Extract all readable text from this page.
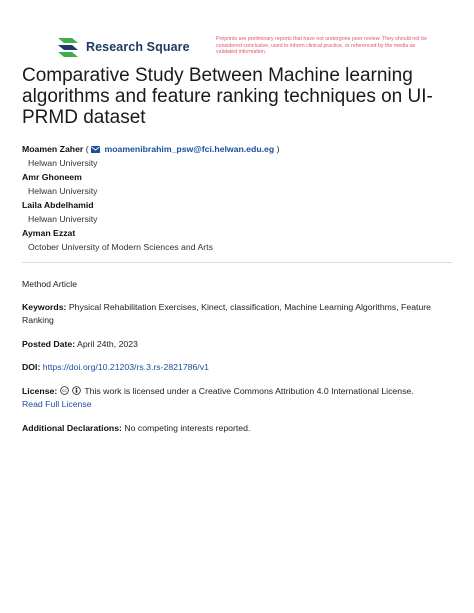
Research Square
Preprints are preliminary reports that have not undergone peer review. They should not be considered conclusive, used to inform clinical practice, or referenced by the media as validated information.
Comparative Study Between Machine learning algorithms and feature ranking techniques on UI-PRMD dataset
Moamen Zaher (  moamenibrahim_psw@fci.helwan.edu.eg )
Helwan University
Amr Ghoneem
Helwan University
Laila Abdelhamid
Helwan University
Ayman Ezzat
October University of Modern Sciences and Arts
Method Article
Keywords: Physical Rehabilitation Exercises, Kinect, classification, Machine Learning Algorithms, Feature Ranking
Posted Date: April 24th, 2023
DOI: https://doi.org/10.21203/rs.3.rs-2821786/v1
License: cc This work is licensed under a Creative Commons Attribution 4.0 International License.
Read Full License
Additional Declarations: No competing interests reported.
